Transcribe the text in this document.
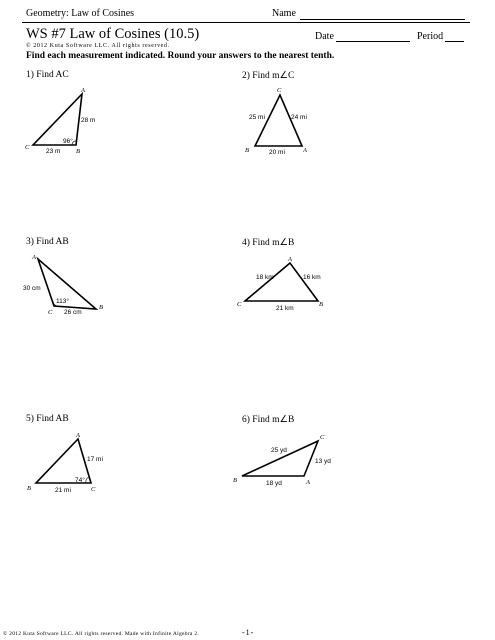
Geometry: Law of Cosines	Name
WS #7 Law of Cosines (10.5)	Date	Period
© 2012 Kuta Software LLC. All rights reserved.
Find each measurement indicated. Round your answers to the nearest tenth.
1) Find AC	2) Find m∠C
3) Find AB	4) Find m∠B
5) Find AB	6) Find m∠B
A
B
C
28 m
23 m
96°
C
B	A
25 mi	24 mi
20 mi
A
B
C
30 cm
26 cm
113°
A
C	B
18 km	16 km
21 km
A
B	C
17 mi
21 mi
74°
C
B	A
25 yd
13 yd
18 yd
© 2012 Kuta Software LLC. All rights reserved. Made with Infinite Algebra 2.	-1-
